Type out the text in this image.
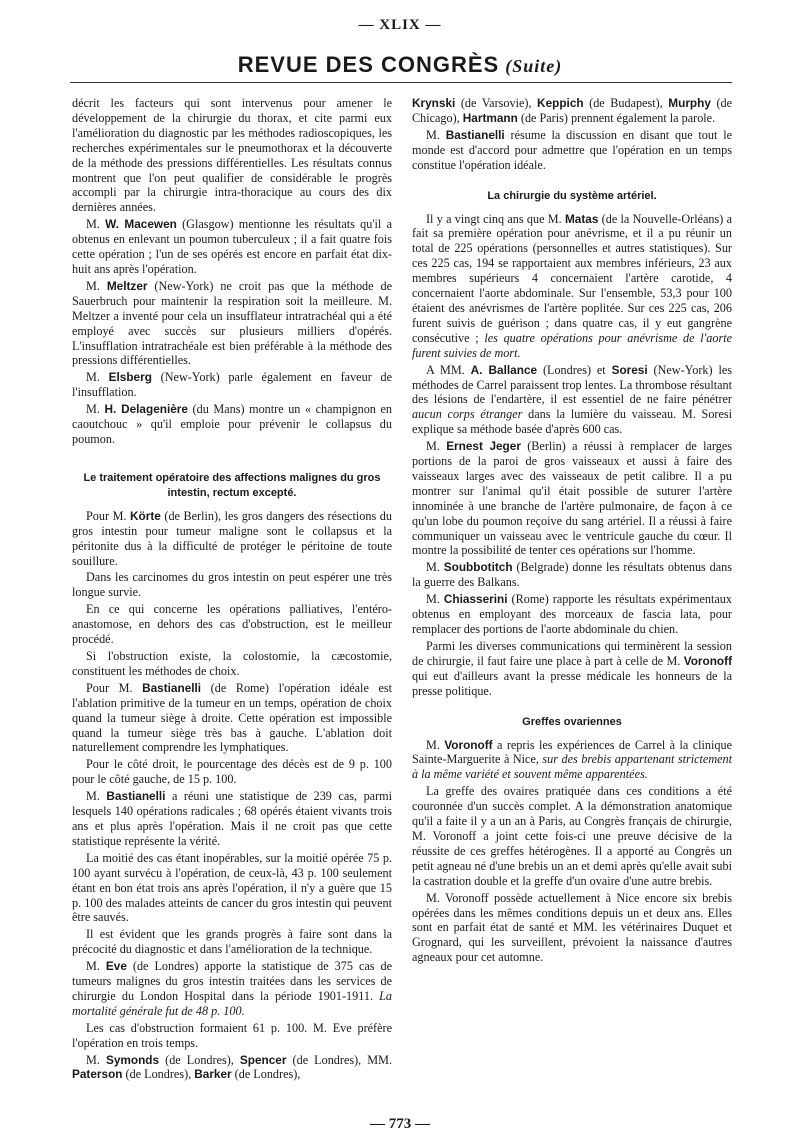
— XLIX —
REVUE DES CONGRÈS (Suite)

décrit les facteurs qui sont intervenus pour amener le développement de la chirurgie du thorax, et cite parmi eux l'amélioration du diagnostic par les méthodes radioscopiques, les recherches expérimentales sur le pneumothorax et la découverte de la méthode des pressions différentielles. Les résultats connus montrent que l'on peut qualifier de considérable le progrès accompli par la chirurgie intra-thoracique au cours des dix dernières années.

M. W. Macewen (Glasgow) mentionne les résultats qu'il a obtenus en enlevant un poumon tuberculeux ; il a fait quatre fois cette opération ; l'un de ses opérés est encore en parfait état dix-huit ans après l'opération.

M. Meltzer (New-York) ne croit pas que la méthode de Sauerbruch pour maintenir la respiration soit la meilleure. M. Meltzer a inventé pour cela un insufflateur intratrachéal qui a été employé avec succès sur plusieurs milliers d'opérés. L'insufflation intratrachéale est bien préférable à la méthode des pressions différentielles.

M. Elsberg (New-York) parle également en faveur de l'insufflation.

M. H. Delagenière (du Mans) montre un « champignon en caoutchouc » qu'il emploie pour prévenir le collapsus du poumon.

Le traitement opératoire des affections malignes du gros intestin, rectum excepté.

Pour M. Körte (de Berlin), les gros dangers des résections du gros intestin pour tumeur maligne sont le collapsus et la péritonite dus à la difficulté de protéger le péritoine de toute souillure.

Dans les carcinomes du gros intestin on peut espérer une très longue survie.

En ce qui concerne les opérations palliatives, l'entéro-anastomose, en dehors des cas d'obstruction, est le meilleur procédé.

Si l'obstruction existe, la colostomie, la cæcostomie, constituent les méthodes de choix.

Pour M. Bastianelli (de Rome) l'opération idéale est l'ablation primitive de la tumeur en un temps, opération de choix quand la tumeur siège à droite. Cette opération est impossible quand la tumeur siège très bas à gauche. L'ablation doit naturellement comprendre les lymphatiques.

Pour le côté droit, le pourcentage des décès est de 9 p. 100 pour le côté gauche, de 15 p. 100.

M. Bastianelli a réuni une statistique de 239 cas, parmi lesquels 140 opérations radicales ; 68 opérés étaient vivants trois ans et plus après l'opération. Mais il ne croit pas que cette statistique représente la vérité.

La moitié des cas étant inopérables, sur la moitié opérée 75 p. 100 ayant survécu à l'opération, de ceux-là, 43 p. 100 seulement étant en bon état trois ans après l'opération, il n'y a guère que 15 p. 100 des malades atteints de cancer du gros intestin qui peuvent être sauvés.

Il est évident que les grands progrès à faire sont dans la précocité du diagnostic et dans l'amélioration de la technique.

M. Eve (de Londres) apporte la statistique de 375 cas de tumeurs malignes du gros intestin traitées dans les services de chirurgie du London Hospital dans la période 1901-1911. La mortalité générale fut de 48 p. 100.

Les cas d'obstruction formaient 61 p. 100. M. Eve préfère l'opération en trois temps.

M. Symonds (de Londres), Spencer (de Londres), MM. Paterson (de Londres), Barker (de Londres),

Krynski (de Varsovie), Keppich (de Budapest), Murphy (de Chicago), Hartmann (de Paris) prennent également la parole.

M. Bastianelli résume la discussion en disant que tout le monde est d'accord pour admettre que l'opération en un temps constitue l'opération idéale.

La chirurgie du système artériel.

Il y a vingt cinq ans que M. Matas (de la Nouvelle-Orléans) a fait sa première opération pour anévrisme, et il a pu réunir un total de 225 opérations (personnelles et autres statistiques). Sur ces 225 cas, 194 se rapportaient aux membres inférieurs, 23 aux membres supérieurs 4 concernaient l'artère carotide, 4 concernaient l'aorte abdominale. Sur l'ensemble, 53,3 pour 100 étaient des anévrismes de l'artère poplitée. Sur ces 225 cas, 206 furent suivis de guérison ; dans quatre cas, il y eut gangrène consécutive ; les quatre opérations pour anévrisme de l'aorte furent suivies de mort.

A MM. A. Ballance (Londres) et Soresi (New-York) les méthodes de Carrel paraissent trop lentes. La thrombose résultant des lésions de l'endartère, il est essentiel de ne faire pénétrer aucun corps étranger dans la lumière du vaisseau. M. Soresi explique sa méthode basée d'après 600 cas.

M. Ernest Jeger (Berlin) a réussi à remplacer de larges portions de la paroi de gros vaisseaux et aussi à faire des vaisseaux larges avec des vaisseaux de petit calibre. Il a pu montrer sur l'animal qu'il était possible de suturer l'artère innominée à une branche de l'artère pulmonaire, de façon à ce qu'un lobe du poumon reçoive du sang artériel. Il a réussi à faire communiquer un vaisseau avec le ventricule gauche du cœur. Il montre la possibilité de tenter ces opérations sur l'homme.

M. Soubbotitch (Belgrade) donne les résultats obtenus dans la guerre des Balkans.

M. Chiasserini (Rome) rapporte les résultats expérimentaux obtenus en employant des morceaux de fascia lata, pour remplacer des portions de l'aorte abdominale du chien.

Parmi les diverses communications qui terminèrent la session de chirurgie, il faut faire une place à part à celle de M. Voronoff qui eut d'ailleurs avant la presse médicale les honneurs de la presse politique.

Greffes ovariennes

M. Voronoff a repris les expériences de Carrel à la clinique Sainte-Marguerite à Nice, sur des brebis appartenant strictement à la même variété et souvent même apparentées.

La greffe des ovaires pratiquée dans ces conditions a été couronnée d'un succès complet. A la démonstration anatomique qu'il a faite il y a un an à Paris, au Congrès français de chirurgie, M. Voronoff a joint cette fois-ci une preuve décisive de la réussite de ces greffes hétérogènes. Il a apporté au Congrès un petit agneau né d'une brebis un an et demi après qu'elle avait subi la castration double et la greffe d'un ovaire d'une autre brebis.

M. Voronoff possède actuellement à Nice encore six brebis opérées dans les mêmes conditions depuis un et deux ans. Elles sont en parfait état de santé et MM. les vétérinaires Duquet et Grognard, qui les surveillent, prévoient la naissance d'autres agneaux pour cet automne.

— 773 —
